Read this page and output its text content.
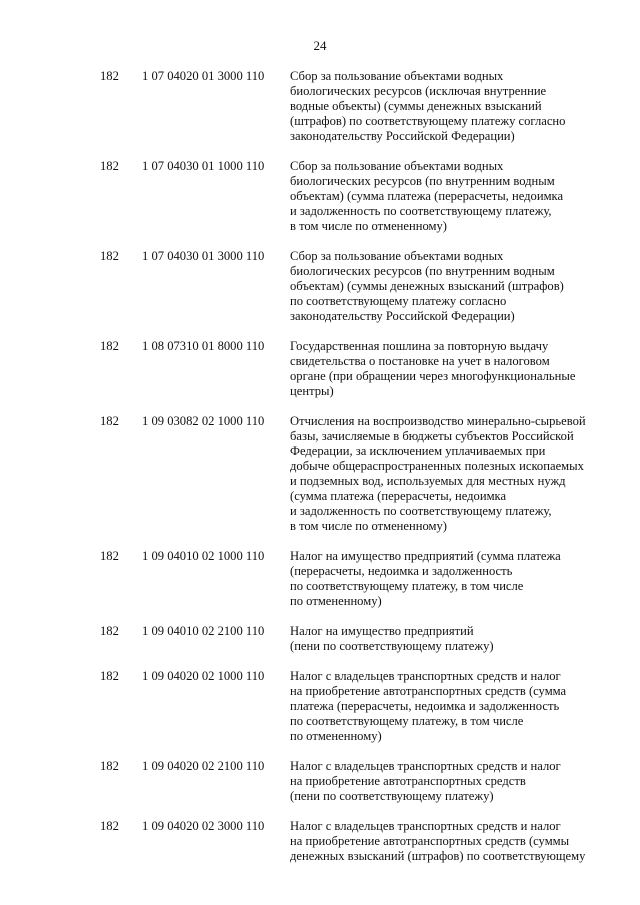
24
182	1 07 04020 01 3000 110	Сбор за пользование объектами водных
биологических ресурсов (исключая внутренние
водные объекты) (суммы денежных взысканий
(штрафов) по соответствующему платежу согласно
законодательству Российской Федерации)
182	1 07 04030 01 1000 110	Сбор за пользование объектами водных
биологических ресурсов (по внутренним водным
объектам) (сумма платежа (перерасчеты, недоимка
и задолженность по соответствующему платежу,
в том числе по отмененному)
182	1 07 04030 01 3000 110	Сбор за пользование объектами водных
биологических ресурсов (по внутренним водным
объектам) (суммы денежных взысканий (штрафов)
по соответствующему платежу согласно
законодательству Российской Федерации)
182	1 08 07310 01 8000 110	Государственная пошлина за повторную выдачу
свидетельства о постановке на учет в налоговом
органе (при обращении через многофункциональные
центры)
182	1 09 03082 02 1000 110	Отчисления на воспроизводство минерально-сырьевой
базы, зачисляемые в бюджеты субъектов Российской
Федерации, за исключением уплачиваемых при
добыче общераспространенных полезных ископаемых
и подземных вод, используемых для местных нужд
(сумма платежа (перерасчеты, недоимка
и задолженность по соответствующему платежу,
в том числе по отмененному)
182	1 09 04010 02 1000 110	Налог на имущество предприятий (сумма платежа
(перерасчеты, недоимка и задолженность
по соответствующему платежу, в том числе
по отмененному)
182	1 09 04010 02 2100 110	Налог на имущество предприятий
(пени по соответствующему платежу)
182	1 09 04020 02 1000 110	Налог с владельцев транспортных средств и налог
на приобретение автотранспортных средств (сумма
платежа (перерасчеты, недоимка и задолженность
по соответствующему платежу, в том числе
по отмененному)
182	1 09 04020 02 2100 110	Налог с владельцев транспортных средств и налог
на приобретение автотранспортных средств
(пени по соответствующему платежу)
182	1 09 04020 02 3000 110	Налог с владельцев транспортных средств и налог
на приобретение автотранспортных средств (суммы
денежных взысканий (штрафов) по соответствующему
